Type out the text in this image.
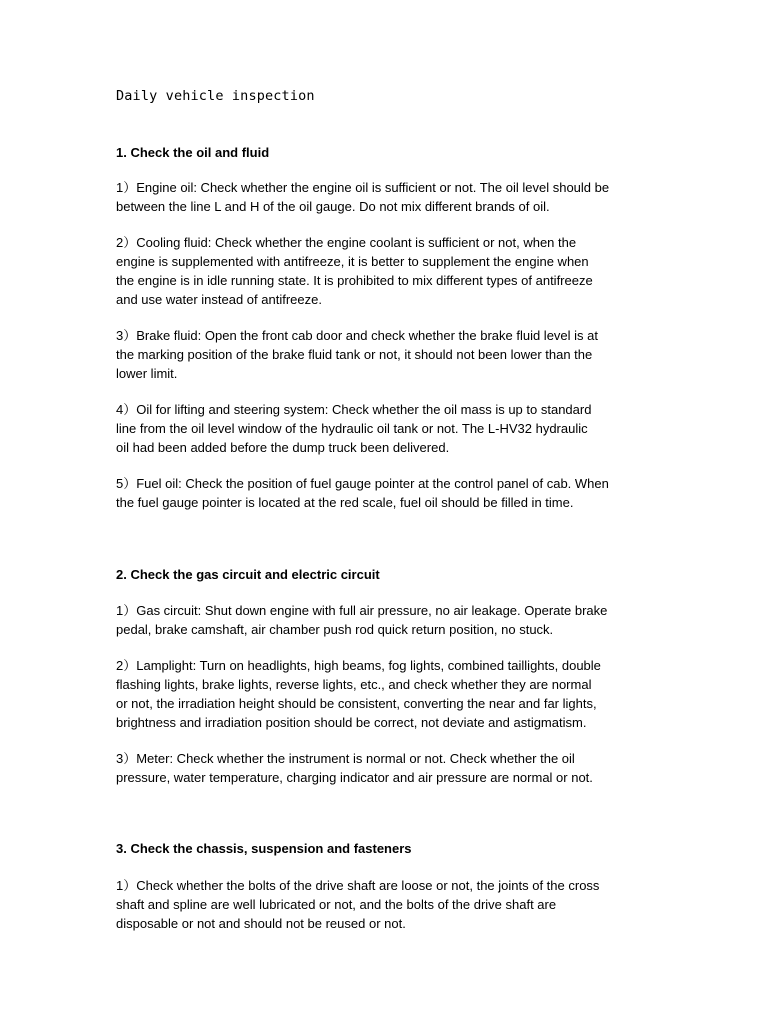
Daily vehicle inspection
1. Check the oil and fluid
1）Engine oil: Check whether the engine oil is sufficient or not. The oil level should be
between the line L and H of the oil gauge. Do not mix different brands of oil.
2）Cooling fluid: Check whether the engine coolant is sufficient or not, when the
engine is supplemented with antifreeze, it is better to supplement the engine when
the engine is in idle running state. It is prohibited to mix different types of antifreeze
and use water instead of antifreeze.
3）Brake fluid: Open the front cab door and check whether the brake fluid level is at
the marking position of the brake fluid tank or not, it should not been lower than the
lower limit.
4）Oil for lifting and steering system: Check whether the oil mass is up to standard
line from the oil level window of the hydraulic oil tank or not. The L-HV32 hydraulic
oil had been added before the dump truck been delivered.
5）Fuel oil: Check the position of fuel gauge pointer at the control panel of cab. When
the fuel gauge pointer is located at the red scale, fuel oil should be filled in time.
2. Check the gas circuit and electric circuit
1）Gas circuit: Shut down engine with full air pressure, no air leakage. Operate brake
pedal, brake camshaft, air chamber push rod quick return position, no stuck.
2）Lamplight: Turn on headlights, high beams, fog lights, combined taillights, double
flashing lights, brake lights, reverse lights, etc., and check whether they are normal
or not, the irradiation height should be consistent, converting the near and far lights,
brightness and irradiation position should be correct, not deviate and astigmatism.
3）Meter: Check whether the instrument is normal or not. Check whether the oil
pressure, water temperature, charging indicator and air pressure are normal or not.
3. Check the chassis, suspension and fasteners
1）Check whether the bolts of the drive shaft are loose or not, the joints of the cross
shaft and spline are well lubricated or not, and the bolts of the drive shaft are
disposable or not and should not be reused or not.
